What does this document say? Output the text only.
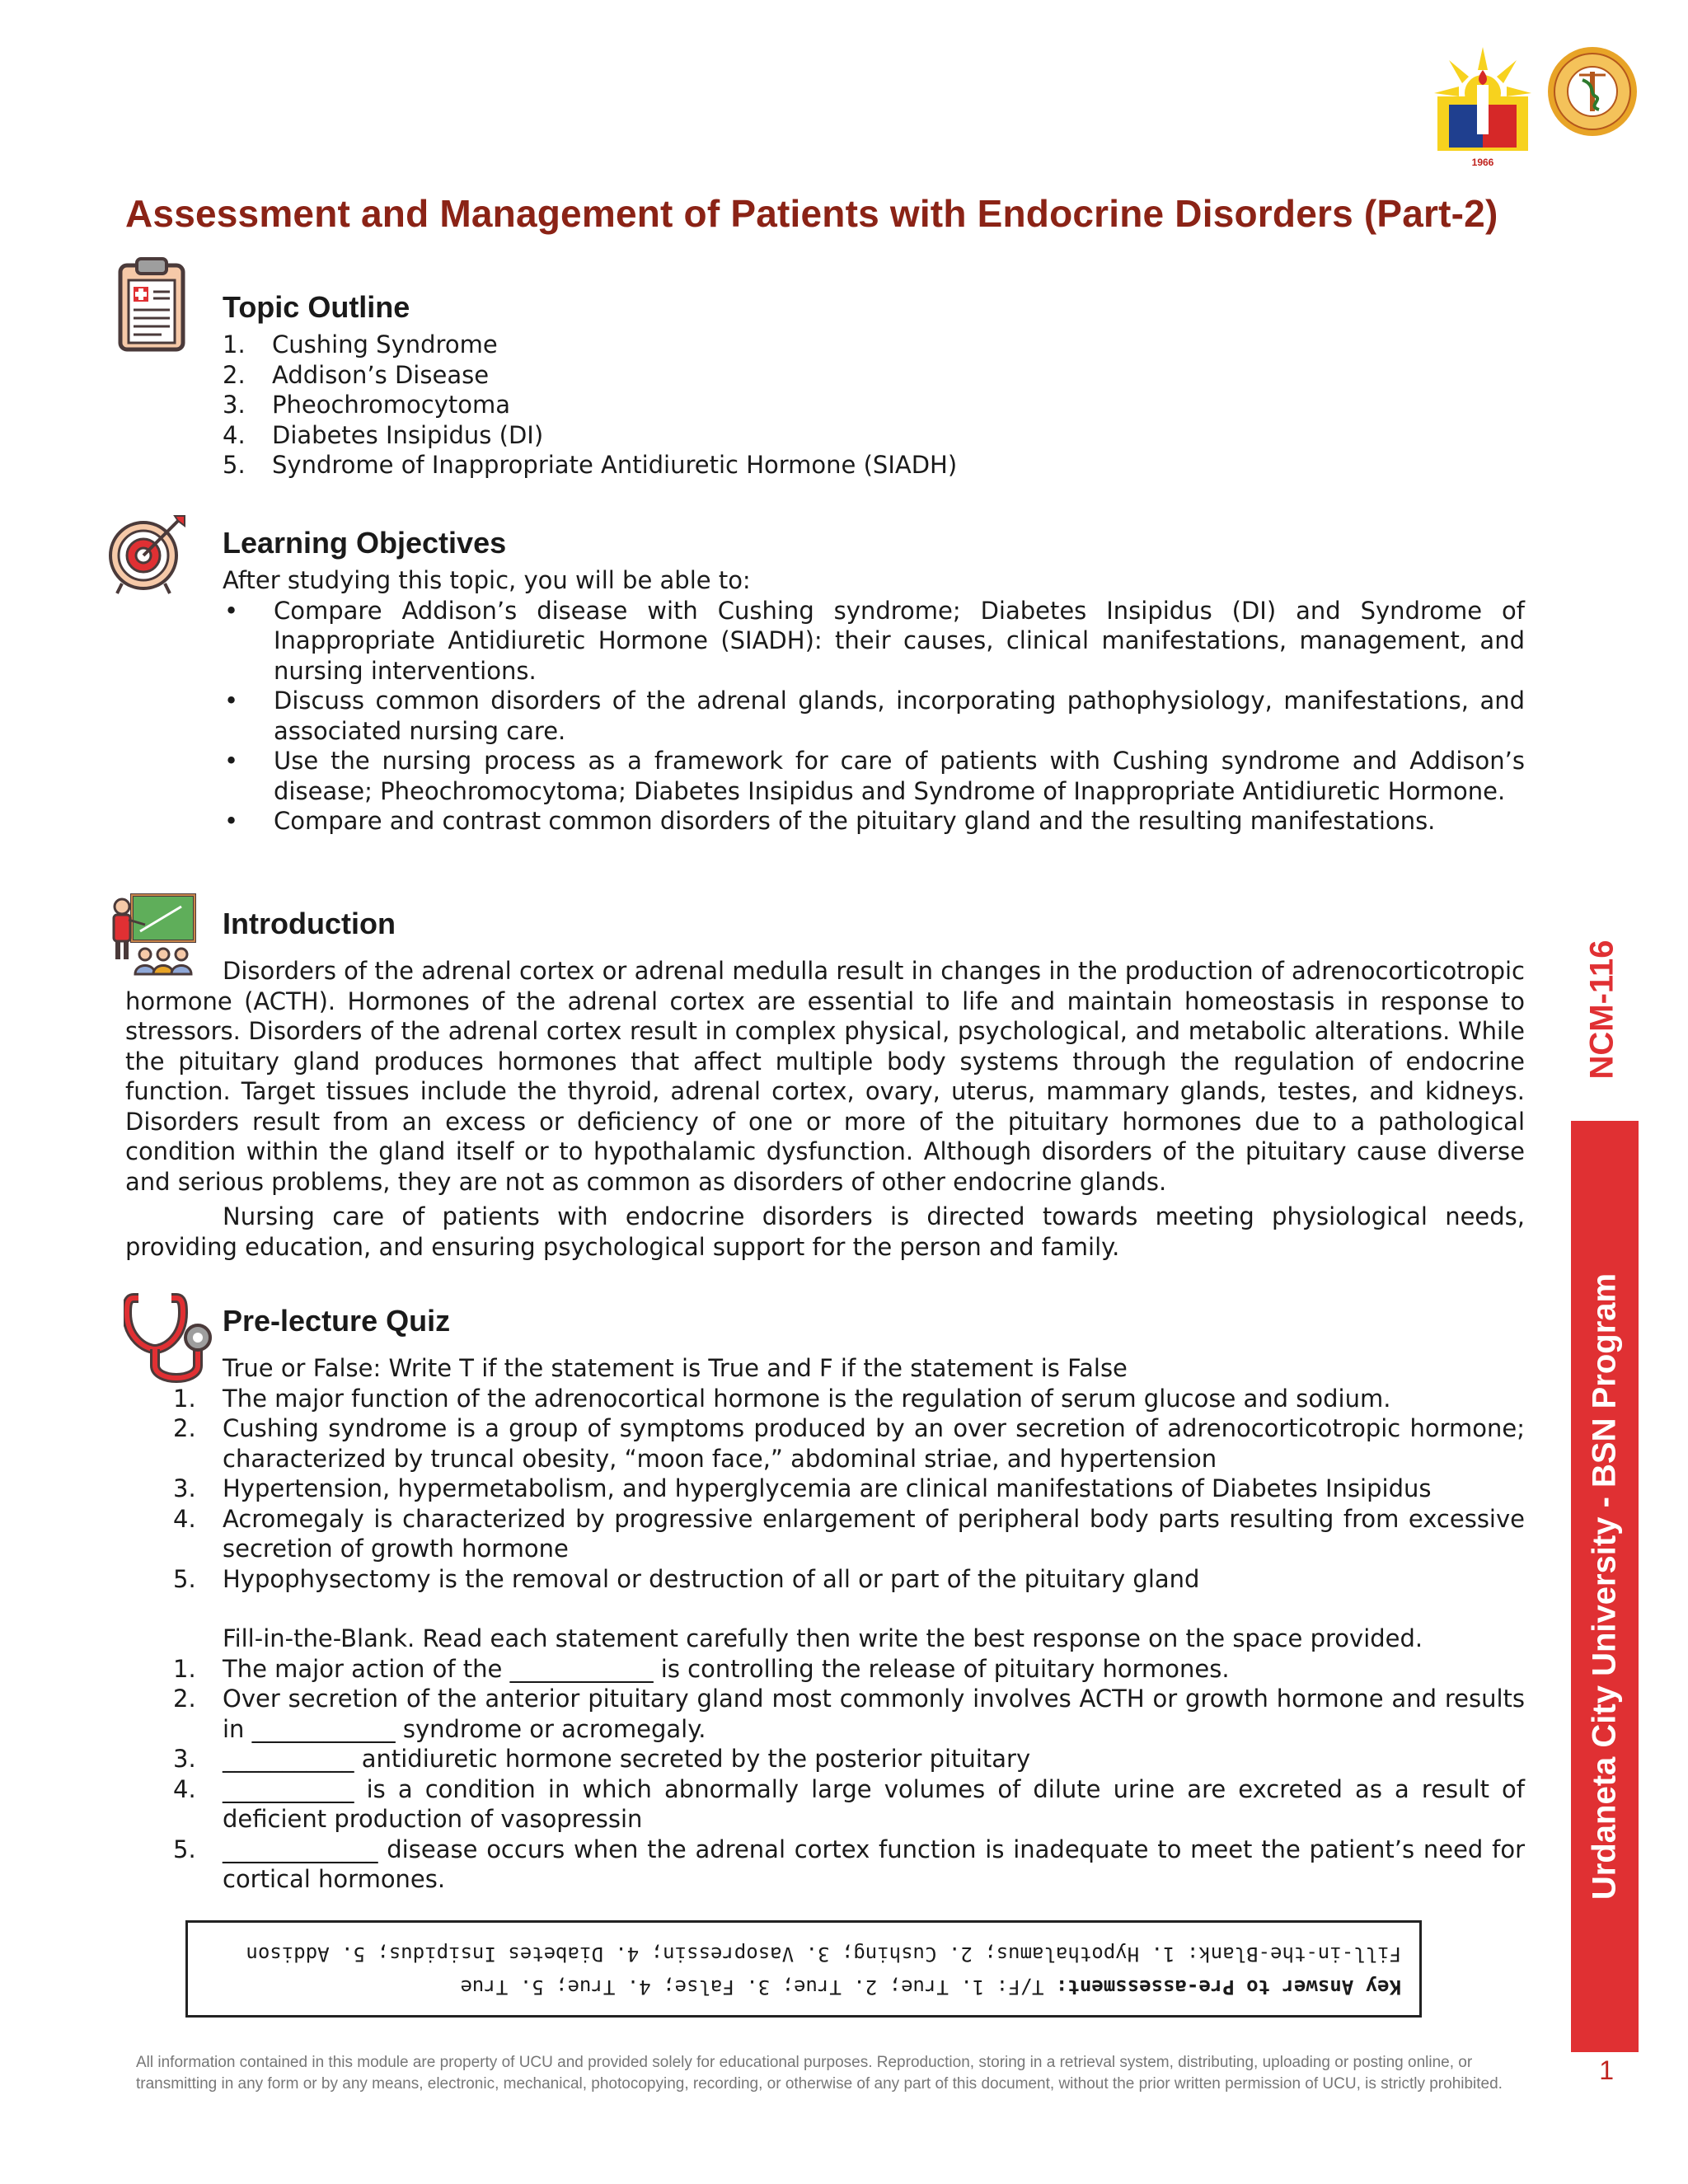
1966
Assessment and Management of Patients with Endocrine Disorders (Part-2)
Topic Outline
1.	Cushing Syndrome
2.	Addison’s Disease
3.	Pheochromocytoma
4.	Diabetes Insipidus (DI)
5.	Syndrome of Inappropriate Antidiuretic Hormone (SIADH)
Learning Objectives

After studying this topic, you will be able to:

•	Compare Addison’s disease with Cushing syndrome; Diabetes Insipidus (DI) and Syndrome of Inappropriate Antidiuretic Hormone (SIADH): their causes, clinical manifestations, management, and nursing interventions.
•	Discuss common disorders of the adrenal glands, incorporating pathophysiology, manifestations, and associated nursing care.
•	Use the nursing process as a framework for care of patients with Cushing syndrome and Addison’s disease; Pheochromocytoma; Diabetes Insipidus and Syndrome of Inappropriate Antidiuretic Hormone.
•	Compare and contrast common disorders of the pituitary gland and the resulting manifestations.
Introduction

Disorders of the adrenal cortex or adrenal medulla result in changes in the production of adrenocorticotropic hormone (ACTH). Hormones of the adrenal cortex are essential to life and maintain homeostasis in response to stressors. Disorders of the adrenal cortex result in complex physical, psychological, and metabolic alterations. While the pituitary gland produces hormones that affect multiple body systems through the regulation of endocrine function. Target tissues include the thyroid, adrenal cortex, ovary, uterus, mammary glands, testes, and kidneys. Disorders result from an excess or deficiency of one or more of the pituitary hormones due to a pathological condition within the gland itself or to hypothalamic dysfunction. Although disorders of the pituitary cause diverse and serious problems, they are not as common as disorders of other endocrine glands.

Nursing care of patients with endocrine disorders is directed towards meeting physiological needs, providing education, and ensuring psychological support for the person and family.

Pre-lecture Quiz

True or False: Write T if the statement is True and F if the statement is False

1.	The major function of the adrenocortical hormone is the regulation of serum glucose and sodium.
2.	Cushing syndrome is a group of symptoms produced by an over secretion of adrenocorticotropic hormone; characterized by truncal obesity, “moon face,” abdominal striae, and hypertension
3.	Hypertension, hypermetabolism, and hyperglycemia are clinical manifestations of Diabetes Insipidus
4.	Acromegaly is characterized by progressive enlargement of peripheral body parts resulting from excessive secretion of growth hormone
5.	Hypophysectomy is the removal or destruction of all or part of the pituitary gland

Fill-in-the-Blank. Read each statement carefully then write the best response on the space provided.

1.	The major action of the ____________ is controlling the release of pituitary hormones.
2.	Over secretion of the anterior pituitary gland most commonly involves ACTH or growth hormone and results in ____________ syndrome or acromegaly.
3.	___________ antidiuretic hormone secreted by the posterior pituitary
4.	___________ is a condition in which abnormally large volumes of dilute urine are excreted as a result of deficient production of vasopressin
5.	_____________ disease occurs when the adrenal cortex function is inadequate to meet the patient’s need for cortical hormones.
Key Answer to Pre-assessment: T/F: 1. True; 2. True; 3. False; 4. True; 5. True
Fill-in-the-Blank: 1. Hypothalamus; 2. Cushing; 3. Vasopressin; 4. Diabetes Insipidus; 5. Addison
NCM-116
Urdaneta City University - BSN Program
All information contained in this module are property of UCU and provided solely for educational purposes. Reproduction, storing in a retrieval system, distributing, uploading or posting online, or transmitting in any form or by any means, electronic, mechanical, photocopying, recording, or otherwise of any part of this document, without the prior written permission of UCU, is strictly prohibited.	1
